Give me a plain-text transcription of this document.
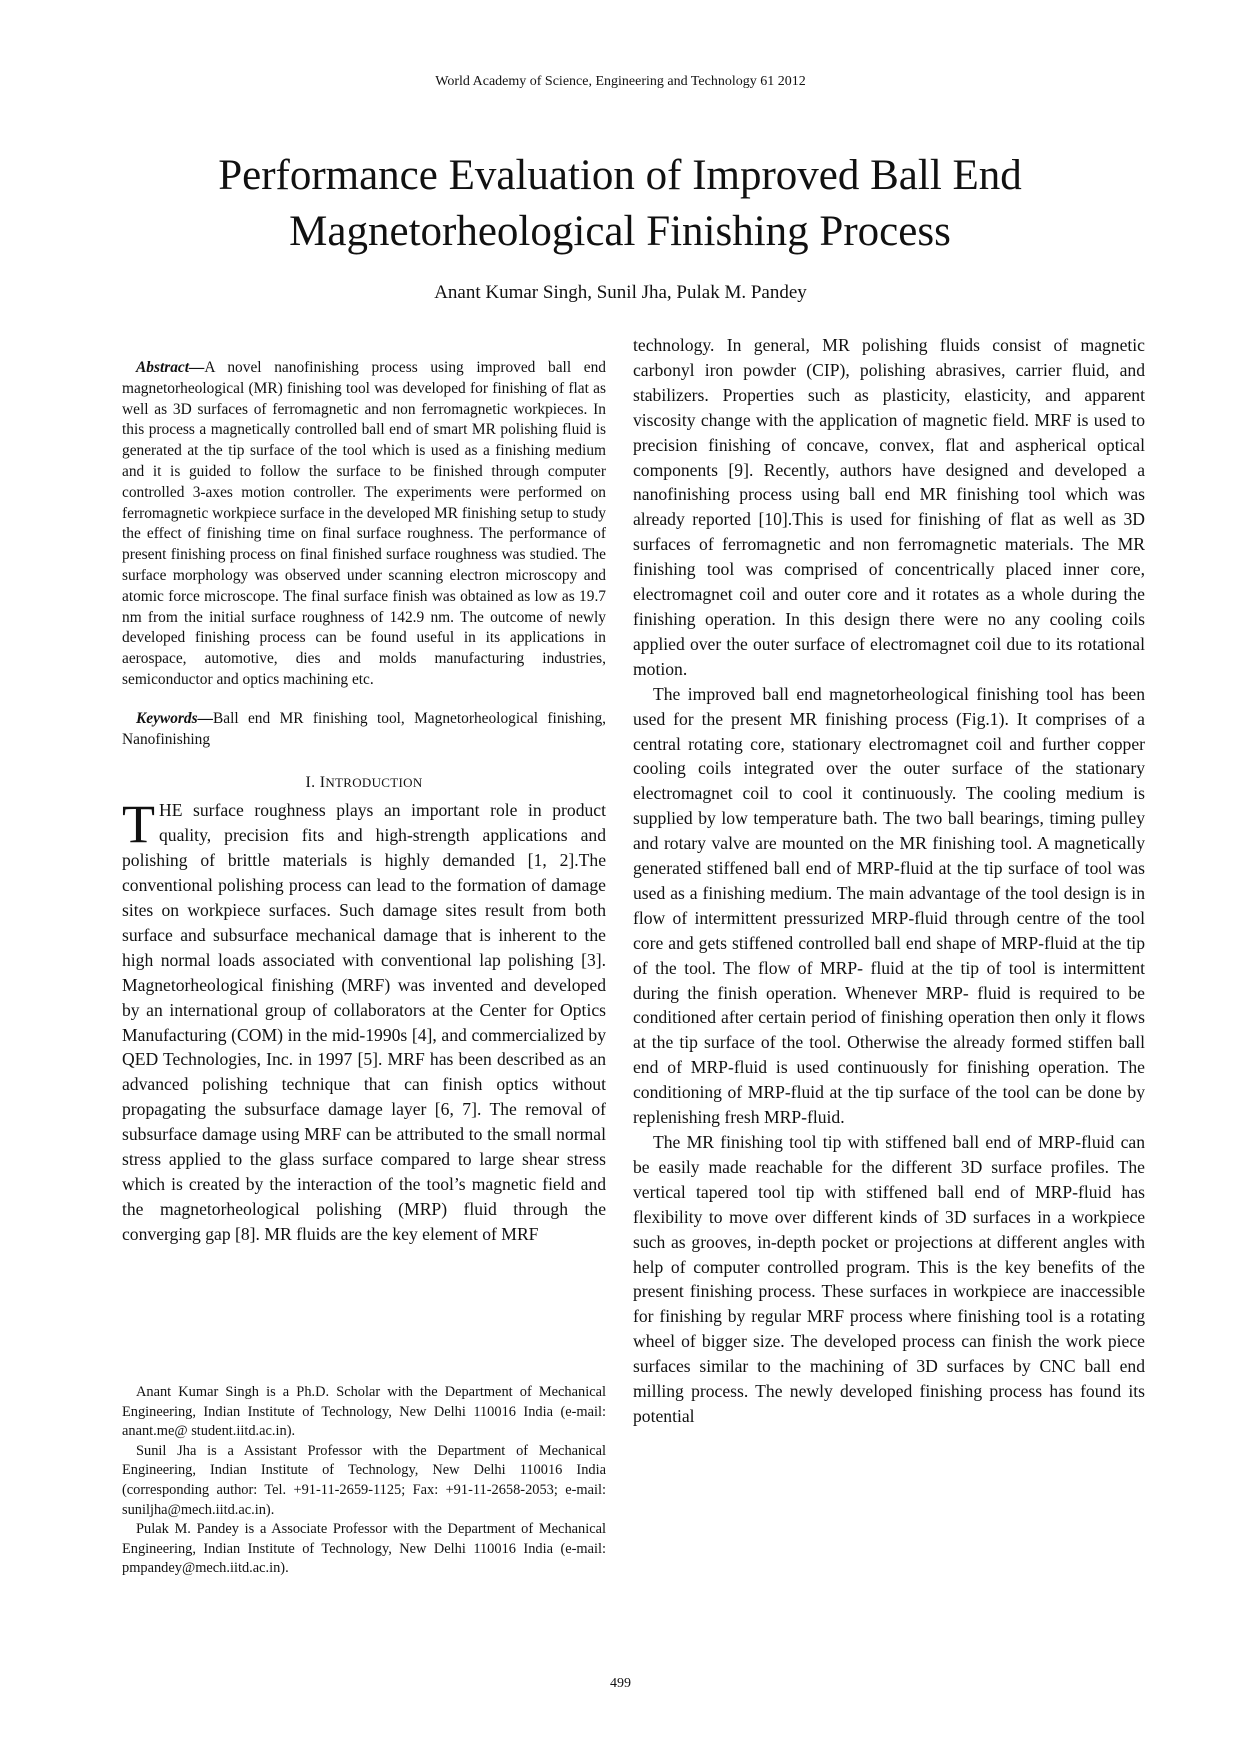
World Academy of Science, Engineering and Technology 61 2012
Performance Evaluation of Improved Ball End Magnetorheological Finishing Process
Anant Kumar Singh, Sunil Jha, Pulak M. Pandey

Abstract—A novel nanofinishing process using improved ball end magnetorheological (MR) finishing tool was developed for finishing of flat as well as 3D surfaces of ferromagnetic and non ferromagnetic workpieces. In this process a magnetically controlled ball end of smart MR polishing fluid is generated at the tip surface of the tool which is used as a finishing medium and it is guided to follow the surface to be finished through computer controlled 3-axes motion controller. The experiments were performed on ferromagnetic workpiece surface in the developed MR finishing setup to study the effect of finishing time on final surface roughness. The performance of present finishing process on final finished surface roughness was studied. The surface morphology was observed under scanning electron microscopy and atomic force microscope. The final surface finish was obtained as low as 19.7 nm from the initial surface roughness of 142.9 nm. The outcome of newly developed finishing process can be found useful in its applications in aerospace, automotive, dies and molds manufacturing industries, semiconductor and optics machining etc.

Keywords—Ball end MR finishing tool, Magnetorheological finishing, Nanofinishing

I. INTRODUCTION

THE surface roughness plays an important role in product quality, precision fits and high-strength applications and polishing of brittle materials is highly demanded [1, 2].The conventional polishing process can lead to the formation of damage sites on workpiece surfaces. Such damage sites result from both surface and subsurface mechanical damage that is inherent to the high normal loads associated with conventional lap polishing [3]. Magnetorheological finishing (MRF) was invented and developed by an international group of collaborators at the Center for Optics Manufacturing (COM) in the mid-1990s [4], and commercialized by QED Technologies, Inc. in 1997 [5]. MRF has been described as an advanced polishing technique that can finish optics without propagating the subsurface damage layer [6, 7]. The removal of subsurface damage using MRF can be attributed to the small normal stress applied to the glass surface compared to large shear stress which is created by the interaction of the tool’s magnetic field and the magnetorheological polishing (MRP) fluid through the converging gap [8]. MR fluids are the key element of MRF

Anant Kumar Singh is a Ph.D. Scholar with the Department of Mechanical Engineering, Indian Institute of Technology, New Delhi 110016 India (e-mail: anant.me@ student.iitd.ac.in).

Sunil Jha is a Assistant Professor with the Department of Mechanical Engineering, Indian Institute of Technology, New Delhi 110016 India (corresponding author: Tel. +91-11-2659-1125; Fax: +91-11-2658-2053; e-mail: suniljha@mech.iitd.ac.in).

Pulak M. Pandey is a Associate Professor with the Department of Mechanical Engineering, Indian Institute of Technology, New Delhi 110016 India (e-mail: pmpandey@mech.iitd.ac.in).

technology. In general, MR polishing fluids consist of magnetic carbonyl iron powder (CIP), polishing abrasives, carrier fluid, and stabilizers. Properties such as plasticity, elasticity, and apparent viscosity change with the application of magnetic field. MRF is used to precision finishing of concave, convex, flat and aspherical optical components [9]. Recently, authors have designed and developed a nanofinishing process using ball end MR finishing tool which was already reported [10].This is used for finishing of flat as well as 3D surfaces of ferromagnetic and non ferromagnetic materials. The MR finishing tool was comprised of concentrically placed inner core, electromagnet coil and outer core and it rotates as a whole during the finishing operation. In this design there were no any cooling coils applied over the outer surface of electromagnet coil due to its rotational motion.

The improved ball end magnetorheological finishing tool has been used for the present MR finishing process (Fig.1). It comprises of a central rotating core, stationary electromagnet coil and further copper cooling coils integrated over the outer surface of the stationary electromagnet coil to cool it continuously. The cooling medium is supplied by low temperature bath. The two ball bearings, timing pulley and rotary valve are mounted on the MR finishing tool. A magnetically generated stiffened ball end of MRP-fluid at the tip surface of tool was used as a finishing medium. The main advantage of the tool design is in flow of intermittent pressurized MRP-fluid through centre of the tool core and gets stiffened controlled ball end shape of MRP-fluid at the tip of the tool. The flow of MRP- fluid at the tip of tool is intermittent during the finish operation. Whenever MRP- fluid is required to be conditioned after certain period of finishing operation then only it flows at the tip surface of the tool. Otherwise the already formed stiffen ball end of MRP-fluid is used continuously for finishing operation. The conditioning of MRP-fluid at the tip surface of the tool can be done by replenishing fresh MRP-fluid.

The MR finishing tool tip with stiffened ball end of MRP-fluid can be easily made reachable for the different 3D surface profiles. The vertical tapered tool tip with stiffened ball end of MRP-fluid has flexibility to move over different kinds of 3D surfaces in a workpiece such as grooves, in-depth pocket or projections at different angles with help of computer controlled program. This is the key benefits of the present finishing process. These surfaces in workpiece are inaccessible for finishing by regular MRF process where finishing tool is a rotating wheel of bigger size. The developed process can finish the work piece surfaces similar to the machining of 3D surfaces by CNC ball end milling process. The newly developed finishing process has found its potential

499
